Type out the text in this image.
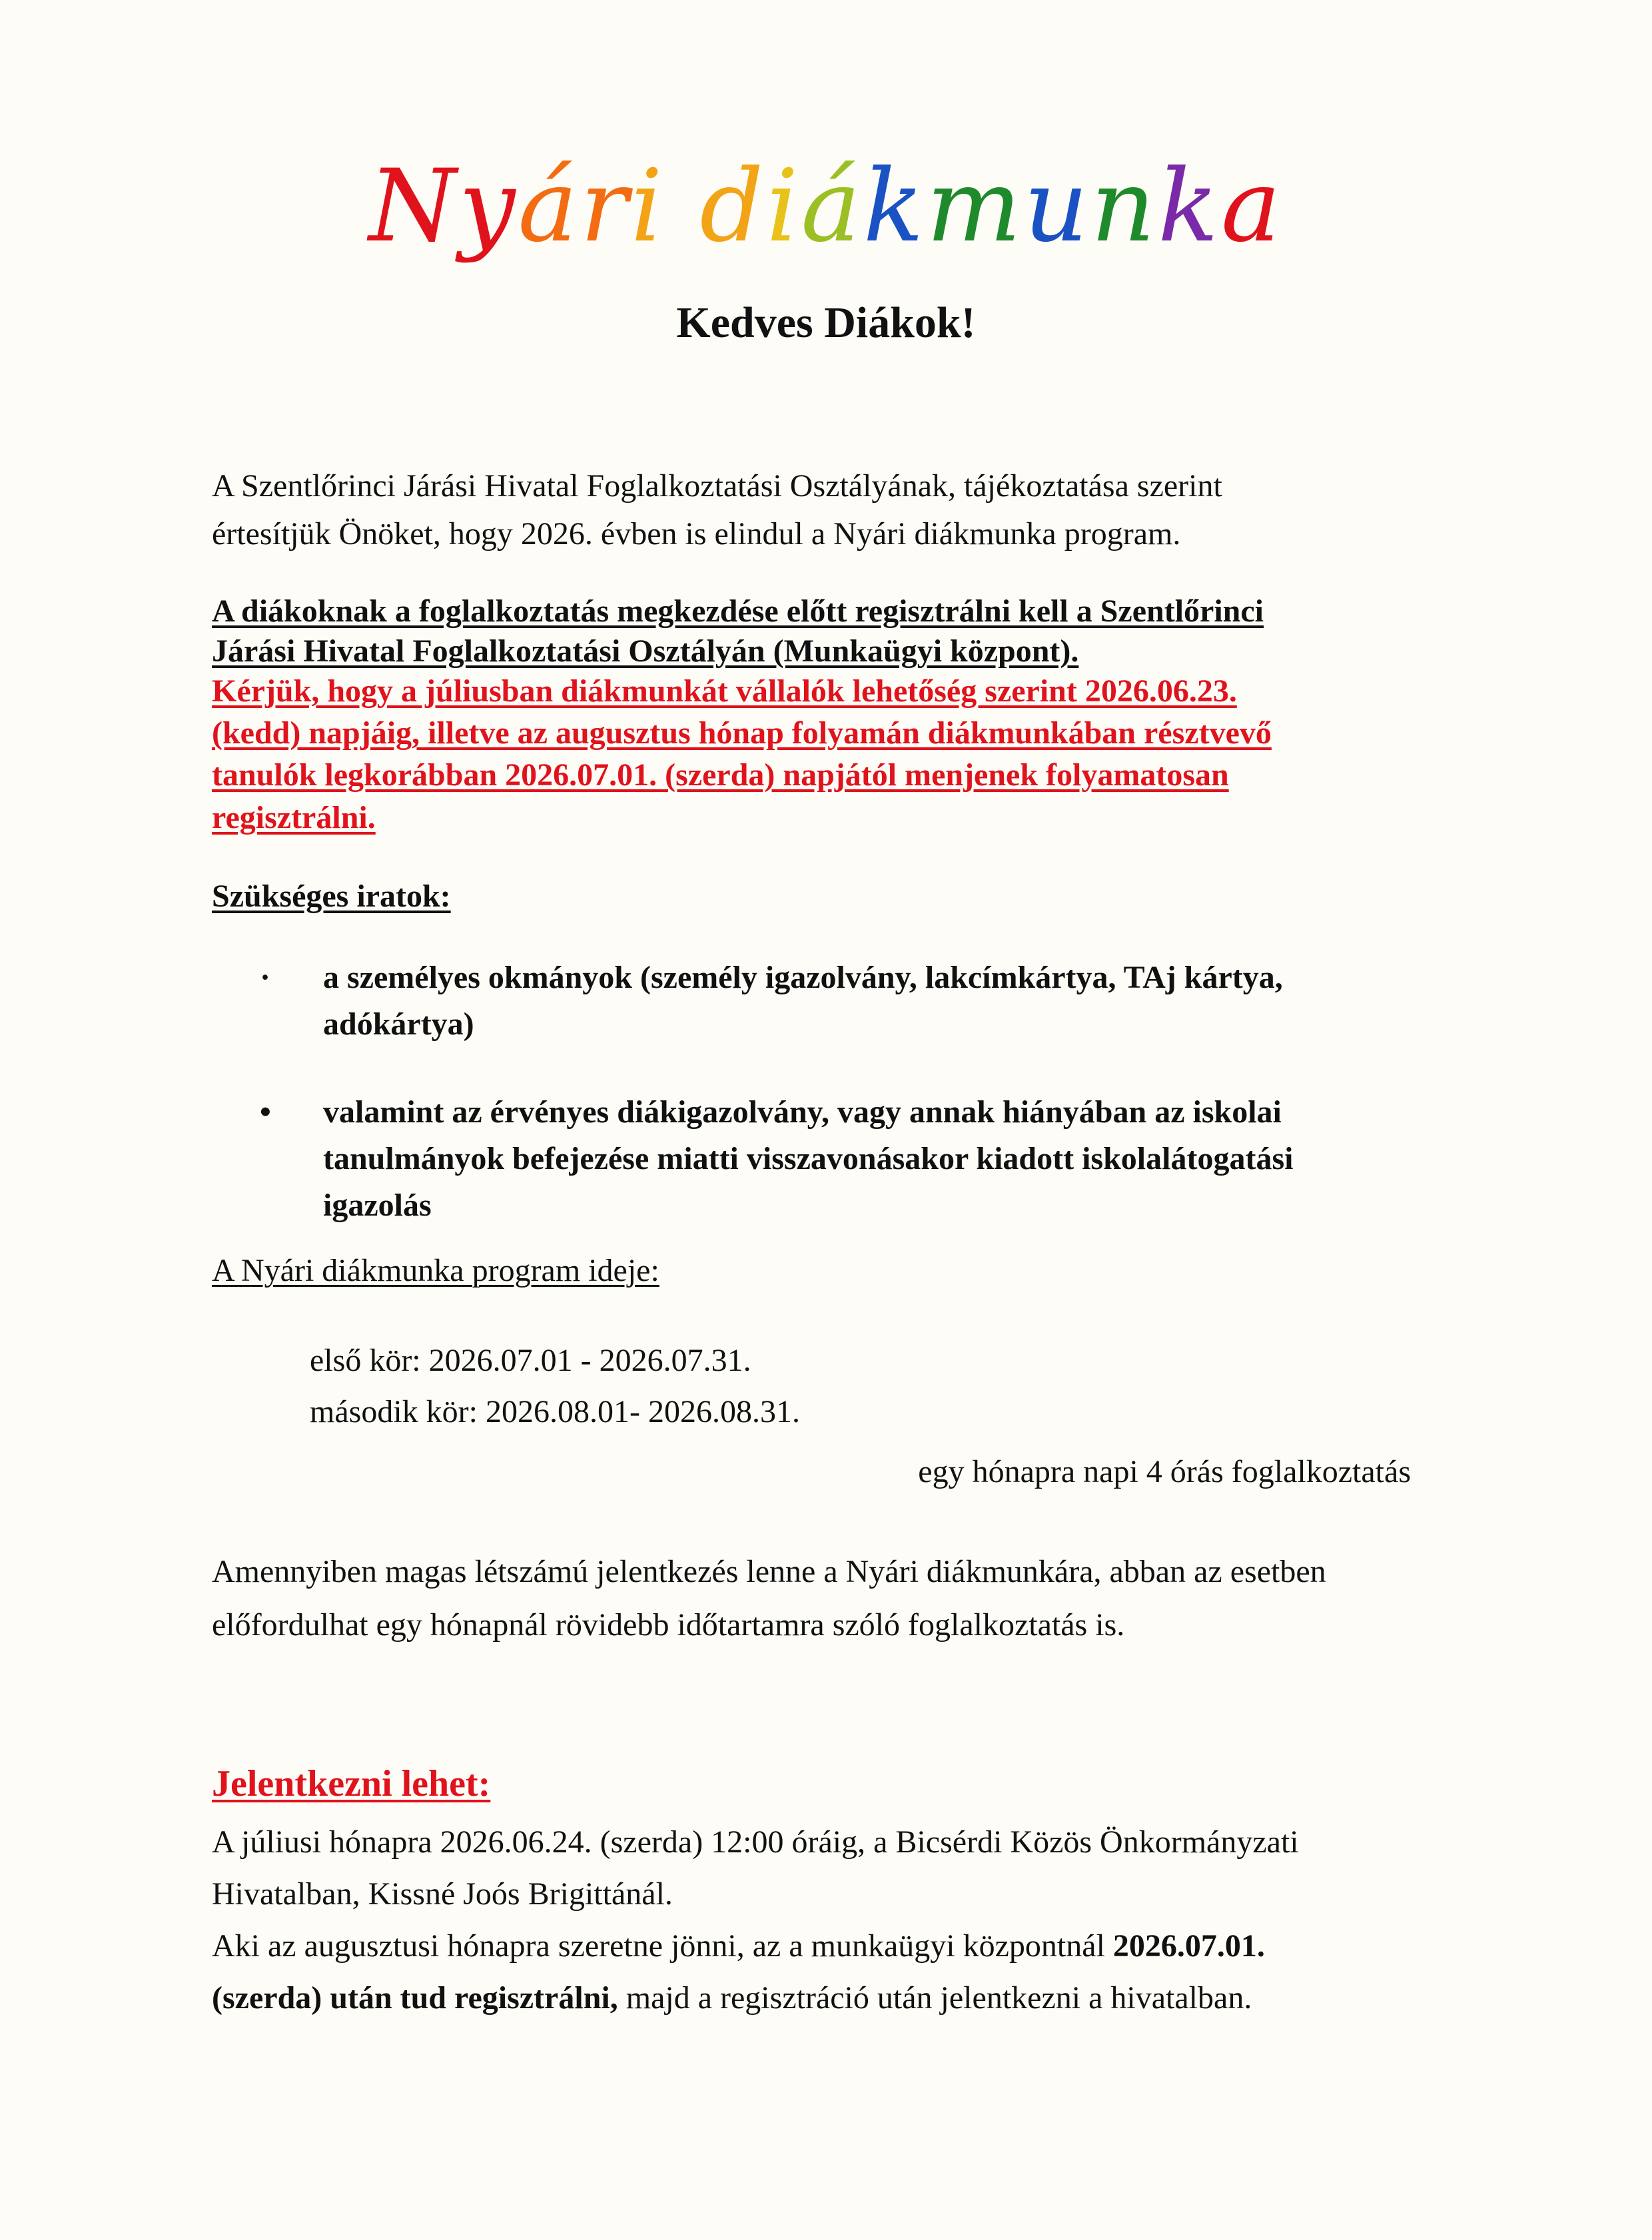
Nyári diákmunka
Kedves Diákok!
A Szentlőrinci Járási Hivatal Foglalkoztatási Osztályának, tájékoztatása szerint
értesítjük Önöket, hogy 2026. évben is elindul a Nyári diákmunka program.
A diákoknak a foglalkoztatás megkezdése előtt regisztrálni kell a Szentlőrinci
Járási Hivatal Foglalkoztatási Osztályán (Munkaügyi központ).
Kérjük, hogy a júliusban diákmunkát vállalók lehetőség szerint 2026.06.23.
(kedd) napjáig, illetve az augusztus hónap folyamán diákmunkában résztvevő
tanulók legkorábban 2026.07.01. (szerda) napjától menjenek folyamatosan
regisztrálni.
Szükséges iratok:
·	a személyes okmányok (személy igazolvány, lakcímkártya, TAj kártya,
adókártya)
•	valamint az érvényes diákigazolvány, vagy annak hiányában az iskolai
tanulmányok befejezése miatti visszavonásakor kiadott iskolalátogatási
igazolás
A Nyári diákmunka program ideje:
első kör: 2026.07.01 - 2026.07.31.
második kör: 2026.08.01- 2026.08.31.
egy hónapra napi 4 órás foglalkoztatás
Amennyiben magas létszámú jelentkezés lenne a Nyári diákmunkára, abban az esetben
előfordulhat egy hónapnál rövidebb időtartamra szóló foglalkoztatás is.
Jelentkezni lehet:
A júliusi hónapra 2026.06.24. (szerda) 12:00 óráig, a Bicsérdi Közös Önkormányzati
Hivatalban, Kissné Joós Brigittánál.
Aki az augusztusi hónapra szeretne jönni, az a munkaügyi központnál 2026.07.01.
(szerda) után tud regisztrálni, majd a regisztráció után jelentkezni a hivatalban.
